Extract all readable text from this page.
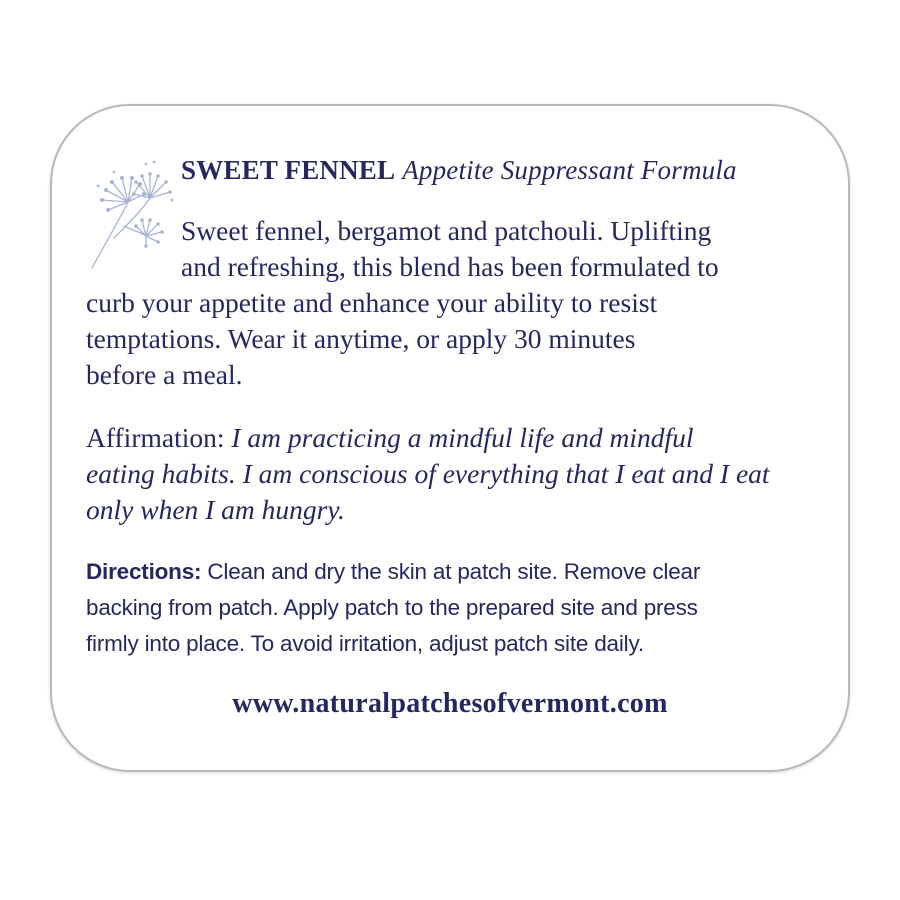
SWEET FENNEL Appetite Suppressant Formula
Sweet fennel, bergamot and patchouli. Uplifting
and refreshing, this blend has been formulated to
curb your appetite and enhance your ability to resist
temptations. Wear it anytime, or apply 30 minutes
before a meal.
Affirmation: I am practicing a mindful life and mindful
eating habits. I am conscious of everything that I eat and I eat
only when I am hungry.
Directions: Clean and dry the skin at patch site. Remove clear
backing from patch. Apply patch to the prepared site and press
firmly into place. To avoid irritation, adjust patch site daily.
www.naturalpatchesofvermont.com
